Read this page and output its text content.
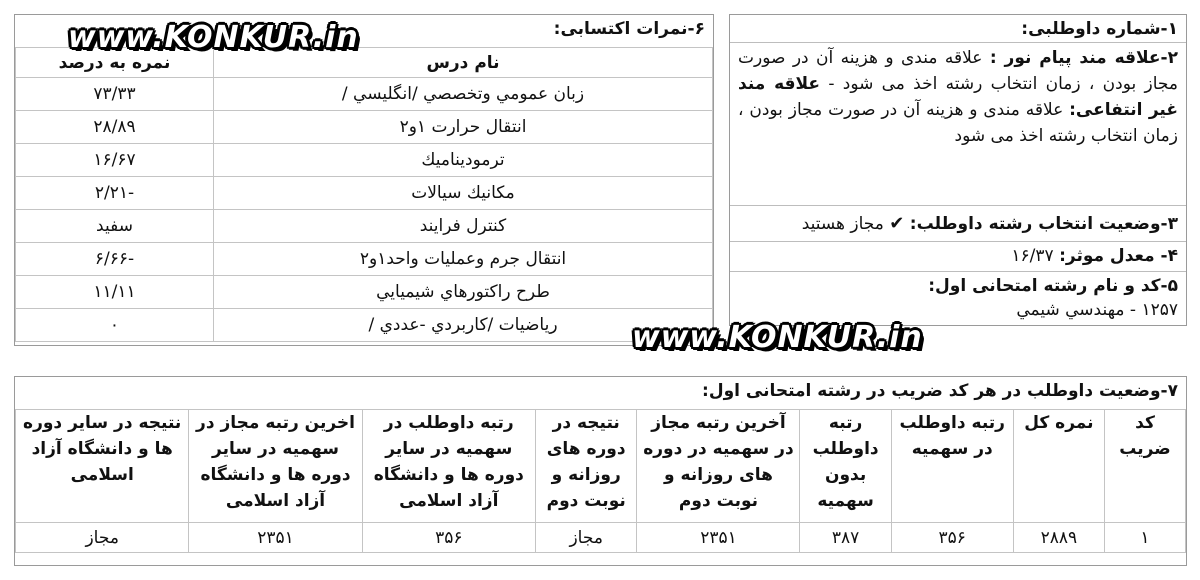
۱-شماره داوطلبی:
۲-علاقه مند پیام نور : علاقه مندی و هزینه آن در صورت مجاز بودن ، زمان انتخاب رشته اخذ می شود - علاقه مند غیر انتفاعی: علاقه مندی و هزینه آن در صورت مجاز بودن ، زمان انتخاب رشته اخذ می شود
۳-وضعیت انتخاب رشته داوطلب: ✔ مجاز هستید
۴- معدل موثر: ۱۶/۳۷
۵-کد و نام رشته امتحانی اول:
۱۲۵۷ - مهندسي شيمي
۶-نمرات اکتسابی:
نام درس	نمره به درصد
زبان عمومي وتخصصي /انگليسي /	۷۳/۳۳
انتقال حرارت ۱و۲	۲۸/۸۹
ترموديناميك	۱۶/۶۷
مكانيك سيالات	-۲/۲۱
كنترل فرايند	سفید
انتقال جرم وعمليات واحد۱و۲	-۶/۶۶
طرح راكتورهاي شيميايي	۱۱/۱۱
رياضيات /كاربردي -عددي /	۰
۷-وضعیت داوطلب در هر کد ضریب در رشته امتحانی اول:
کد ضریب	نمره کل	رتبه داوطلب در سهمیه	رتبه داوطلب بدون سهمیه	آخرین رتبه مجاز در سهمیه در دوره های روزانه و نوبت دوم	نتیجه در دوره های روزانه و نوبت دوم	رتبه داوطلب در سهمیه در سایر دوره ها و دانشگاه آزاد اسلامی	اخرین رتبه مجاز در سهمیه در سایر دوره ها و دانشگاه آزاد اسلامی	نتیجه در سایر دوره ها و دانشگاه آزاد اسلامی
۱	۲۸۸۹	۳۵۶	۳۸۷	۲۳۵۱	مجاز	۳۵۶	۲۳۵۱	مجاز
www.KONKUR.in
www.KONKUR.in
